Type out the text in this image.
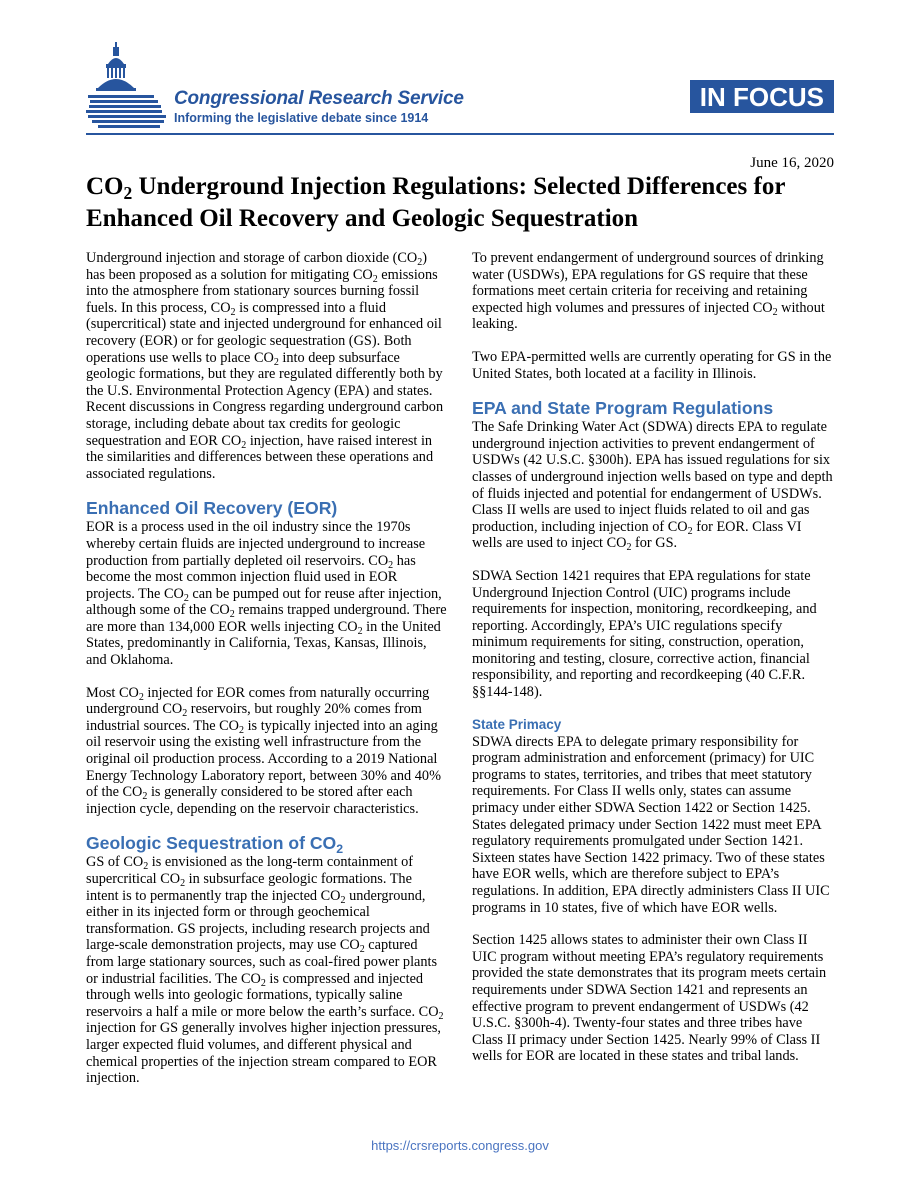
Congressional Research Service
Informing the legislative debate since 1914
IN FOCUS
June 16, 2020
$CO_2$ Underground Injection Regulations: Selected Differences for Enhanced Oil Recovery and Geologic Sequestration

Underground injection and storage of carbon dioxide $(CO_2)$ has been proposed as a solution for mitigating $CO_2$ emissions into the atmosphere from stationary sources burning fossil fuels. In this process, $CO_2$ is compressed into a fluid (supercritical) state and injected underground for enhanced oil recovery (EOR) or for geologic sequestration (GS). Both operations use wells to place $CO_2$ into deep subsurface geologic formations, but they are regulated differently both by the U.S. Environmental Protection Agency (EPA) and states. Recent discussions in Congress regarding underground carbon storage, including debate about tax credits for geologic sequestration and EOR $CO_2$ injection, have raised interest in the similarities and differences between these operations and associated regulations.

Enhanced Oil Recovery (EOR)

EOR is a process used in the oil industry since the 1970s whereby certain fluids are injected underground to increase production from partially depleted oil reservoirs. $CO_2$ has become the most common injection fluid used in EOR projects. The $CO_2$ can be pumped out for reuse after injection, although some of the $CO_2$ remains trapped underground. There are more than 134,000 EOR wells injecting $CO_2$ in the United States, predominantly in California, Texas, Kansas, Illinois, and Oklahoma.

Most $CO_2$ injected for EOR comes from naturally occurring underground $CO_2$ reservoirs, but roughly 20% comes from industrial sources. The $CO_2$ is typically injected into an aging oil reservoir using the existing well infrastructure from the original oil production process. According to a 2019 National Energy Technology Laboratory report, between 30% and 40% of the $CO_2$ is generally considered to be stored after each injection cycle, depending on the reservoir characteristics.

Geologic Sequestration of $CO_2$

GS of $CO_2$ is envisioned as the long-term containment of supercritical $CO_2$ in subsurface geologic formations. The intent is to permanently trap the injected $CO_2$ underground, either in its injected form or through geochemical transformation. GS projects, including research projects and large-scale demonstration projects, may use $CO_2$ captured from large stationary sources, such as coal-fired power plants or industrial facilities. The $CO_2$ is compressed and injected through wells into geologic formations, typically saline reservoirs a half a mile or more below the earth’s surface. $CO_2$ injection for GS generally involves higher injection pressures, larger expected fluid volumes, and different physical and chemical properties of the injection stream compared to EOR injection.

To prevent endangerment of underground sources of drinking water (USDWs), EPA regulations for GS require that these formations meet certain criteria for receiving and retaining expected high volumes and pressures of injected $CO_2$ without leaking.

Two EPA-permitted wells are currently operating for GS in the United States, both located at a facility in Illinois.

EPA and State Program Regulations

The Safe Drinking Water Act (SDWA) directs EPA to regulate underground injection activities to prevent endangerment of USDWs (42 U.S.C. §300h). EPA has issued regulations for six classes of underground injection wells based on type and depth of fluids injected and potential for endangerment of USDWs. Class II wells are used to inject fluids related to oil and gas production, including injection of $CO_2$ for EOR. Class VI wells are used to inject $CO_2$ for GS.

SDWA Section 1421 requires that EPA regulations for state Underground Injection Control (UIC) programs include requirements for inspection, monitoring, recordkeeping, and reporting. Accordingly, EPA’s UIC regulations specify minimum requirements for siting, construction, operation, monitoring and testing, closure, corrective action, financial responsibility, and reporting and recordkeeping (40 C.F.R. §§144-148).

State Primacy

SDWA directs EPA to delegate primary responsibility for program administration and enforcement (primacy) for UIC programs to states, territories, and tribes that meet statutory requirements. For Class II wells only, states can assume primacy under either SDWA Section 1422 or Section 1425. States delegated primacy under Section 1422 must meet EPA regulatory requirements promulgated under Section 1421. Sixteen states have Section 1422 primacy. Two of these states have EOR wells, which are therefore subject to EPA’s regulations. In addition, EPA directly administers Class II UIC programs in 10 states, five of which have EOR wells.

Section 1425 allows states to administer their own Class II UIC program without meeting EPA’s regulatory requirements provided the state demonstrates that its program meets certain requirements under SDWA Section 1421 and represents an effective program to prevent endangerment of USDWs (42 U.S.C. §300h-4). Twenty-four states and three tribes have Class II primacy under Section 1425. Nearly 99% of Class II wells for EOR are located in these states and tribal lands.

https://crsreports.congress.gov
